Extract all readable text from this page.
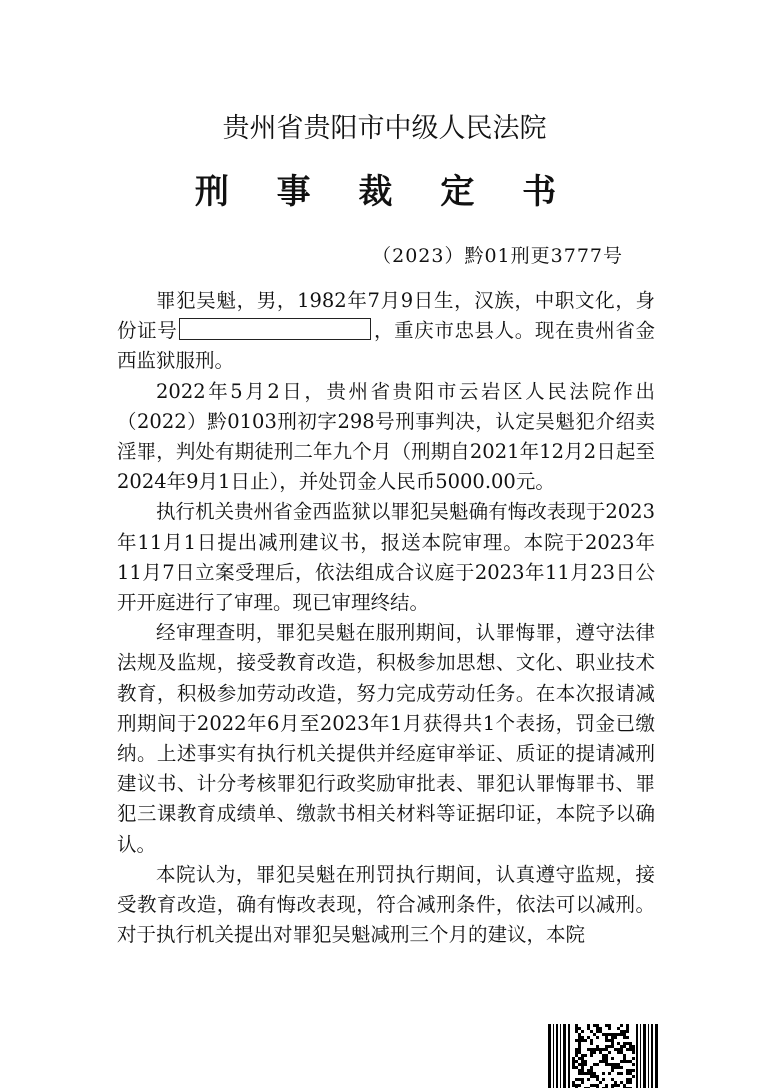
贵州省贵阳市中级人民法院
刑 事 裁 定 书
（2023）黔01刑更3777号

罪犯吴魁，男，1982年7月9日生，汉族，中职文化，身份证号	，重庆市忠县人。现在贵州省金西监狱服刑。

2022年5月2日，贵州省贵阳市云岩区人民法院作出（2022）黔0103刑初字298号刑事判决，认定吴魁犯介绍卖淫罪，判处有期徒刑二年九个月（刑期自2021年12月2日起至2024年9月1日止），并处罚金人民币5000.00元。

执行机关贵州省金西监狱以罪犯吴魁确有悔改表现于2023年11月1日提出减刑建议书，报送本院审理。本院于2023年11月7日立案受理后，依法组成合议庭于2023年11月23日公开开庭进行了审理。现已审理终结。

经审理查明，罪犯吴魁在服刑期间，认罪悔罪，遵守法律法规及监规，接受教育改造，积极参加思想、文化、职业技术教育，积极参加劳动改造，努力完成劳动任务。在本次报请减刑期间于2022年6月至2023年1月获得共1个表扬，罚金已缴纳。上述事实有执行机关提供并经庭审举证、质证的提请减刑建议书、计分考核罪犯行政奖励审批表、罪犯认罪悔罪书、罪犯三课教育成绩单、缴款书相关材料等证据印证，本院予以确认。

本院认为，罪犯吴魁在刑罚执行期间，认真遵守监规，接受教育改造，确有悔改表现，符合减刑条件，依法可以减刑。对于执行机关提出对罪犯吴魁减刑三个月的建议，本院
